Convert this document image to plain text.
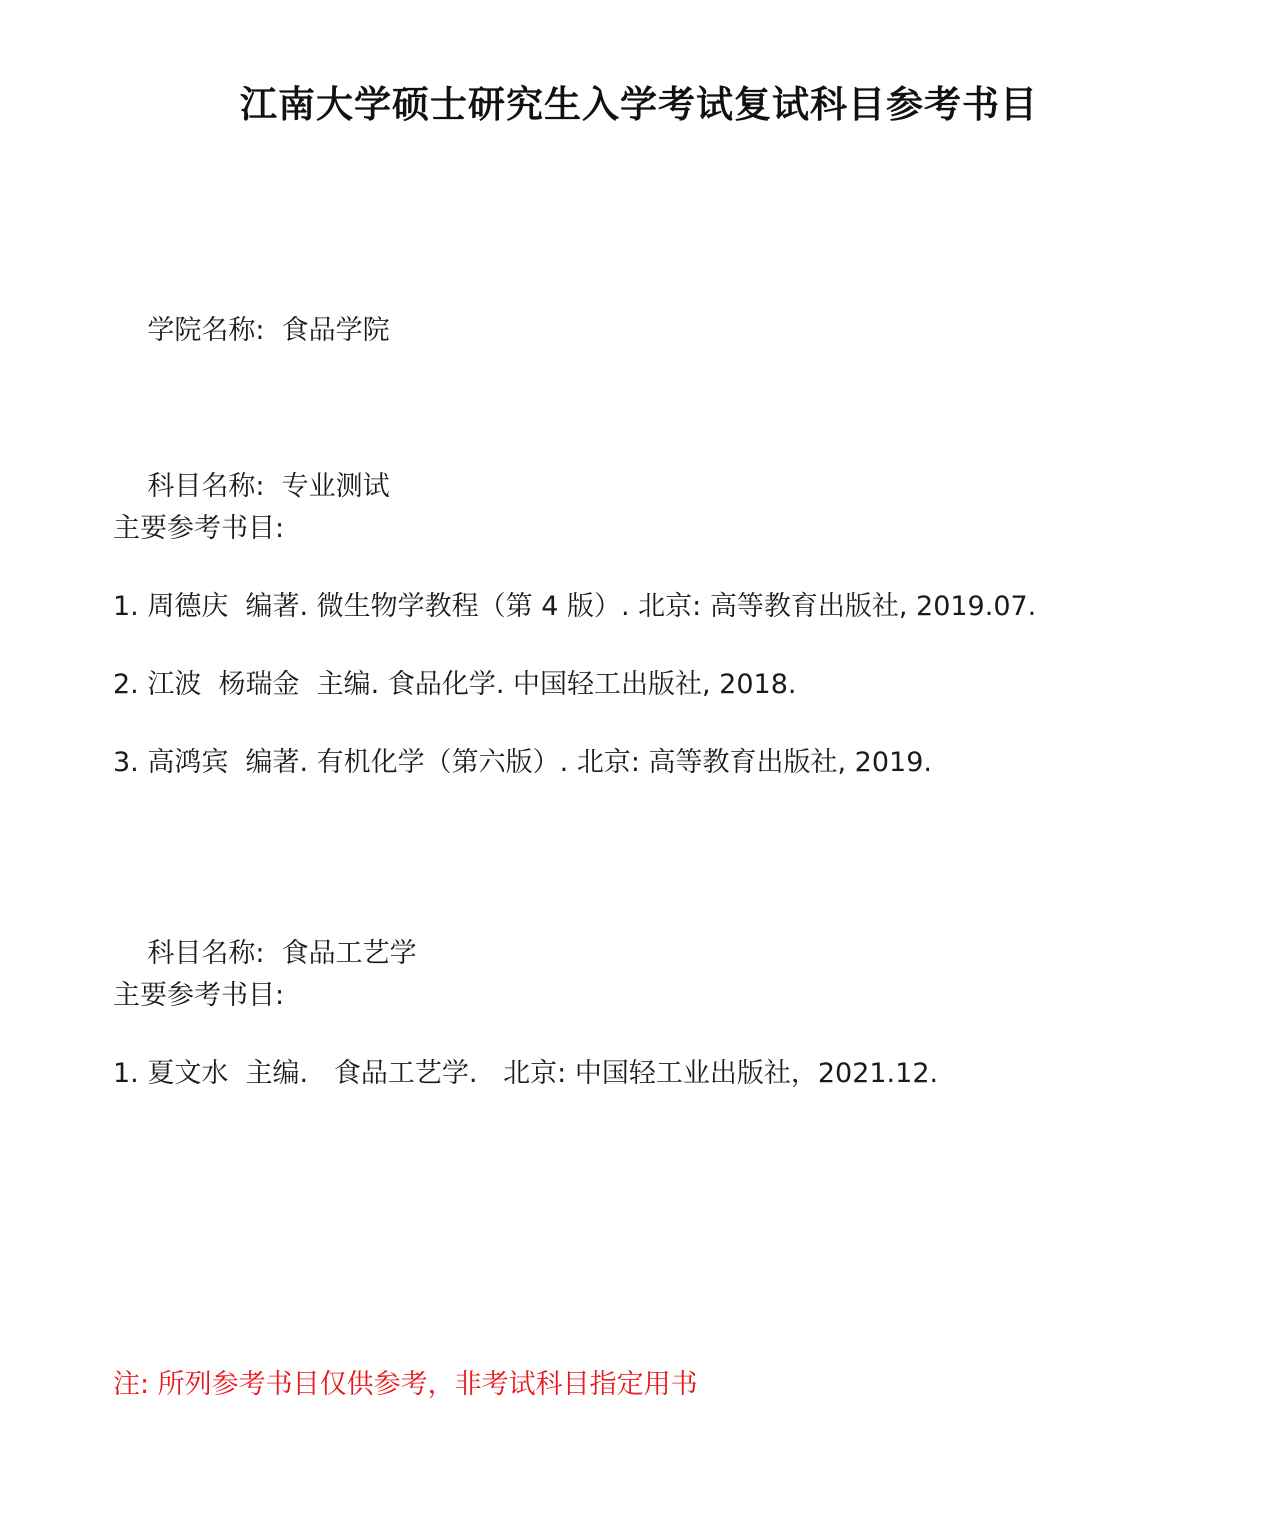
江南大学硕士研究生入学考试复试科目参考书目

学院名称: 食品学院

科目名称: 专业测试

主要参考书目:
1. 周德庆  编著. 微生物学教程（第 4 版）. 北京: 高等教育出版社, 2019.07.
2. 江波  杨瑞金  主编. 食品化学. 中国轻工出版社, 2018.
3. 高鸿宾  编著. 有机化学（第六版）. 北京: 高等教育出版社, 2019.

科目名称: 食品工艺学

主要参考书目:
1. 夏文水  主编.   食品工艺学.   北京: 中国轻工业出版社，2021.12.
注: 所列参考书目仅供参考，非考试科目指定用书
